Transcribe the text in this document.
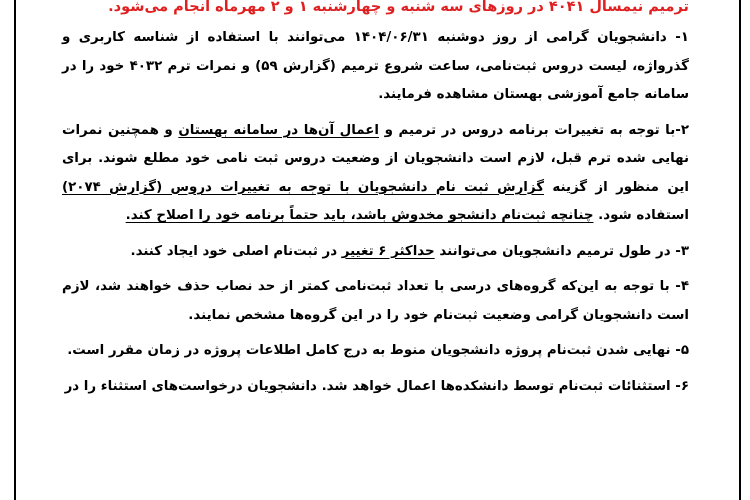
ترمیم نیمسال ۴۰۴۱ در روزهای سه شنبه و چهارشنبه ۱ و ۲ مهرماه انجام می‌شود.

۱- دانشجویان گرامی از روز دوشنبه ۱۴۰۴/۰۶/۳۱ می‌توانند با استفاده از شناسه کاربری و گذرواژه، لیست دروس ثبت‌نامی، ساعت شروع ترمیم (گزارش ۵۹) و نمرات ترم ۴۰۳۲ خود را در سامانه جامع آموزشی بهستان مشاهده فرمایند.

۲-با توجه به تغییرات برنامه دروس در ترمیم و اعمال آن‌ها در سامانه بهستان و همچنین نمرات نهایی شده ترم قبل، لازم است دانشجویان از وضعیت دروس ثبت نامی خود مطلع شوند. برای این منظور از گزینه گزارش ثبت نام دانشجویان با توجه به تغییرات دروس (گزارش ۲۰۷۴) استفاده شود. چنانچه ثبت‌نام دانشجو مخدوش باشد، باید حتماً برنامه خود را اصلاح کند.

۳- در طول ترمیم دانشجویان می‌توانند حداکثر ۶ تغییر در ثبت‌نام اصلی خود ایجاد کنند.

۴- با توجه به این‌که گروه‌های درسی با تعداد ثبت‌نامی کمتر از حد نصاب حذف خواهند شد، لازم است دانشجویان گرامی وضعیت ثبت‌نام خود را در این گروه‌ها مشخص نمایند.

۵- نهایی شدن ثبت‌نام پروژه دانشجویان منوط به درج کامل اطلاعات پروژه در زمان مقرر است.

۶- استثنائات ثبت‌نام توسط دانشکده‌ها اعمال خواهد شد. دانشجویان درخواست‌های استثناء را در
